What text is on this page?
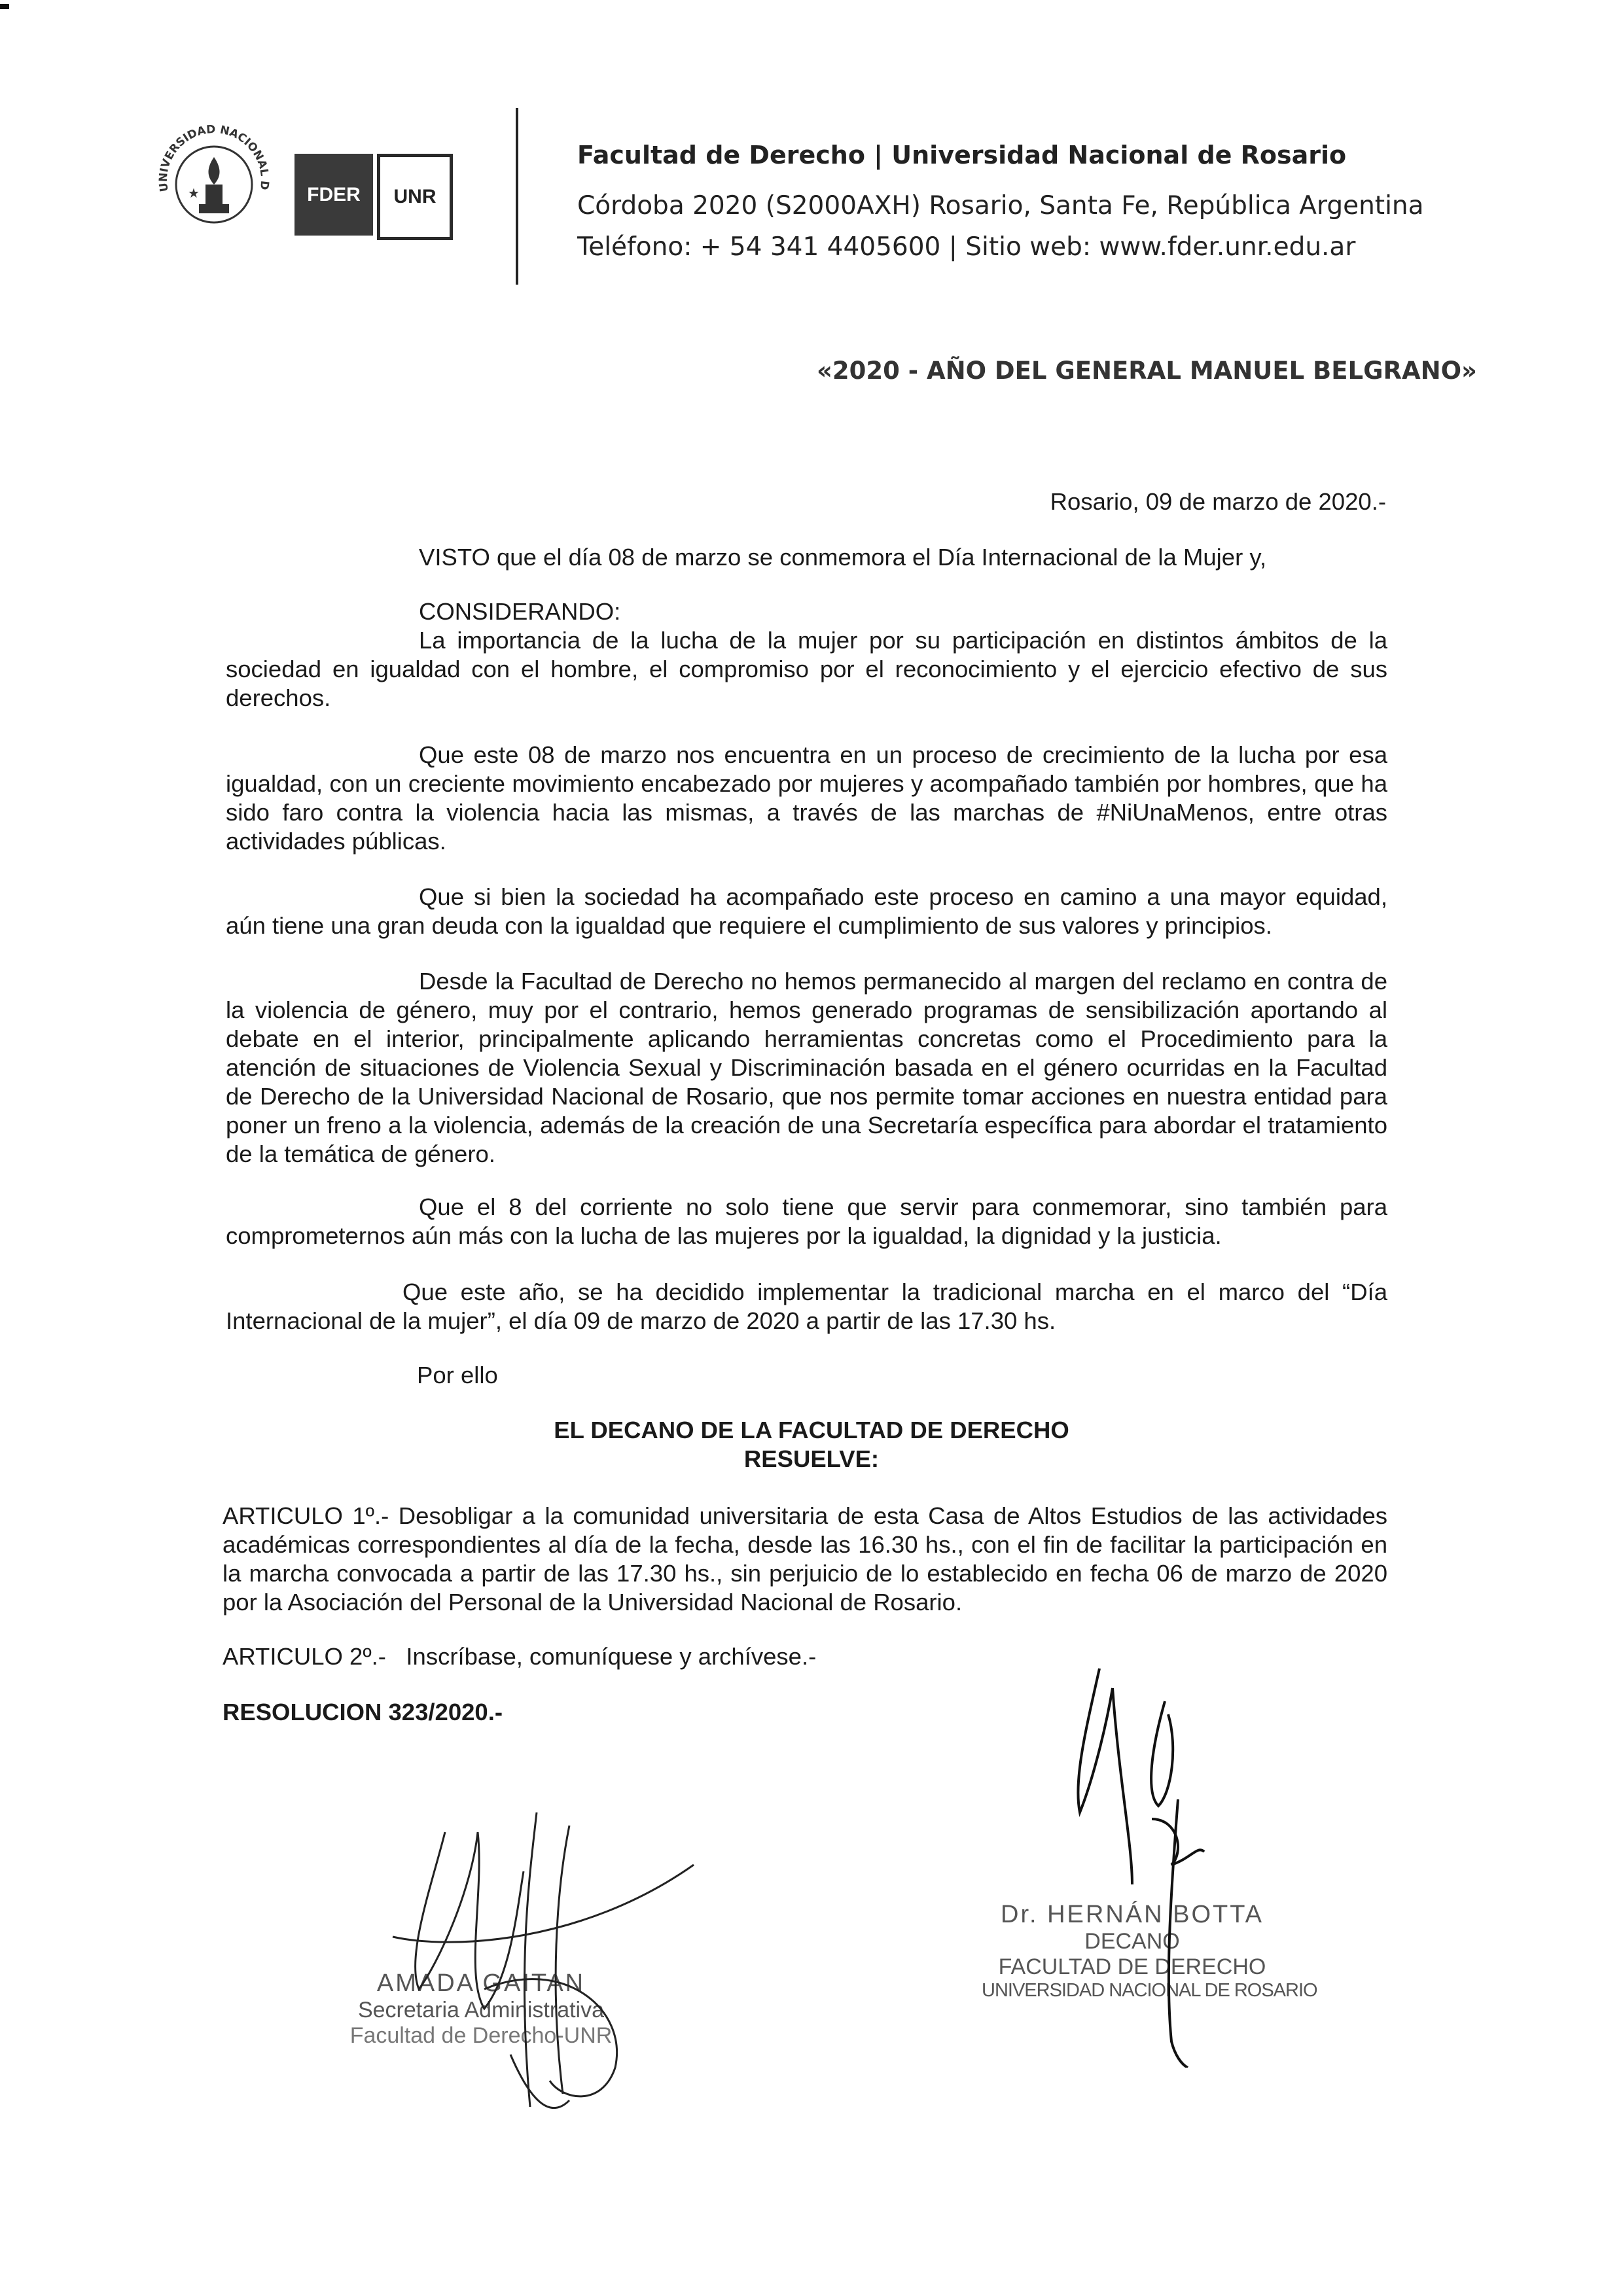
UNIVERSIDAD NACIONAL D
★	FDER	UNR
Facultad de Derecho | Universidad Nacional de Rosario
Córdoba 2020 (S2000AXH) Rosario, Santa Fe, República Argentina
Teléfono: + 54 341 4405600 | Sitio web: www.fder.unr.edu.ar
«2020 - AÑO DEL GENERAL MANUEL BELGRANO»
Rosario, 09 de marzo de 2020.-
VISTO que el día 08 de marzo se conmemora el Día Internacional de la Mujer y,
CONSIDERANDO:
La importancia de la lucha de la mujer por su participación en distintos ámbitos de la sociedad en igualdad con el hombre, el compromiso por el reconocimiento y el ejercicio efectivo de sus derechos.
Que este 08 de marzo nos encuentra en un proceso de crecimiento de la lucha por esa igualdad, con un creciente movimiento encabezado por mujeres y acompañado también por hombres, que ha sido faro contra la violencia hacia las mismas, a través de las marchas de #NiUnaMenos, entre otras actividades públicas.
Que si bien la sociedad ha acompañado este proceso en camino a una mayor equidad, aún tiene una gran deuda con la igualdad que requiere el cumplimiento de sus valores y principios.
Desde la Facultad de Derecho no hemos permanecido al margen del reclamo en contra de la violencia de género, muy por el contrario, hemos generado programas de sensibilización aportando al debate en el interior, principalmente aplicando herramientas concretas como el Procedimiento para la atención de situaciones de Violencia Sexual y Discriminación basada en el género ocurridas en la Facultad de Derecho de la Universidad Nacional de Rosario, que nos permite tomar acciones en nuestra entidad para poner un freno a la violencia, además de la creación de una Secretaría específica para abordar el tratamiento de la temática de género.
Que el 8 del corriente no solo tiene que servir para conmemorar, sino también para comprometernos aún más con la lucha de las mujeres por la igualdad, la dignidad y la justicia.
Que este año, se ha decidido implementar la tradicional marcha en el marco del “Día Internacional de la mujer”, el día 09 de marzo de 2020 a partir de las 17.30 hs.
Por ello
EL DECANO DE LA FACULTAD DE DERECHO
RESUELVE:
ARTICULO 1º.- Desobligar a la comunidad universitaria de esta Casa de Altos Estudios de las actividades académicas correspondientes al día de la fecha, desde las 16.30 hs., con el fin de facilitar la participación en la marcha convocada a partir de las 17.30 hs., sin perjuicio de lo establecido en fecha 06 de marzo de 2020 por la Asociación del Personal de la Universidad Nacional de Rosario.
ARTICULO 2º.-   Inscríbase, comuníquese y archívese.-
RESOLUCION 323/2020.-
AMADA GAITAN
Secretaria Administrativa
Facultad de Derecho-UNR
Dr. HERNÁN BOTTA
DECANO
FACULTAD DE DERECHO
UNIVERSIDAD NACIONAL DE ROSARIO
